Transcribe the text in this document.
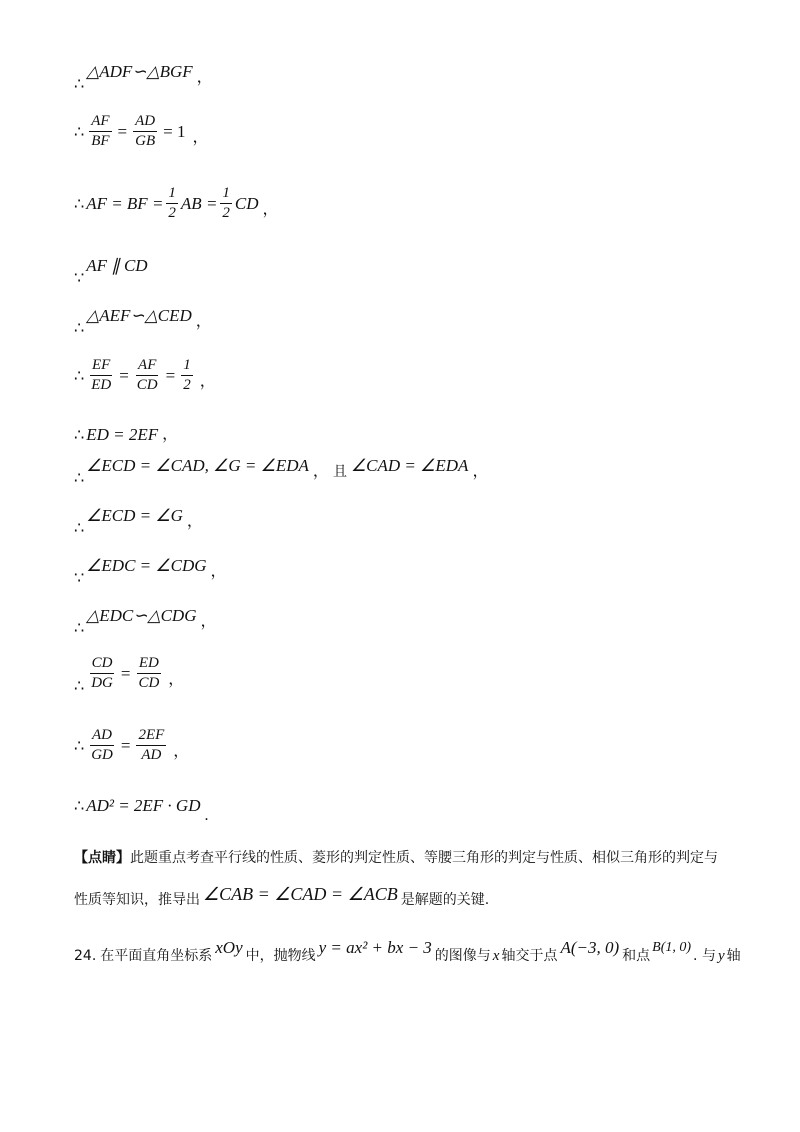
∴
△ADF∽△BGF ，
∴ $\frac{AF}{BF} = \frac{AD}{GB} = 1$ ，
∴ AF = BF = $\frac{1}{2}$ AB = $\frac{1}{2}$ CD ，
∵
AF ∥ CD
∴
△AEF∽△CED ，
∴ $\frac{EF}{ED} = \frac{AF}{CD} = \frac{1}{2}$ ，
∴ ED = 2EF ，
∴
∠ECD = ∠CAD, ∠G = ∠EDA ， 且 ∠CAD = ∠EDA ，
∴
∠ECD = ∠G ，
∵
∠EDC = ∠CDG ，
∴
△EDC∽△CDG ，
∴ $\frac{CD}{DG} = \frac{ED}{CD}$ ，
∴ $\frac{AD}{GD} = \frac{2EF}{AD}$ ，
∴ AD² = 2EF · GD
.
【点睛】此题重点考查平行线的性质、菱形的判定性质、等腰三角形的判定与性质、相似三角形的判定与
性质等知识，推导出 ∠CAB = ∠CAD = ∠ACB 是解题的关键.
24. 在平面直角坐标系 xOy 中，抛物线 y = ax² + bx − 3 的图像与 x 轴交于点 A(−3, 0) 和点
B(1, 0)
. 与 y 轴
